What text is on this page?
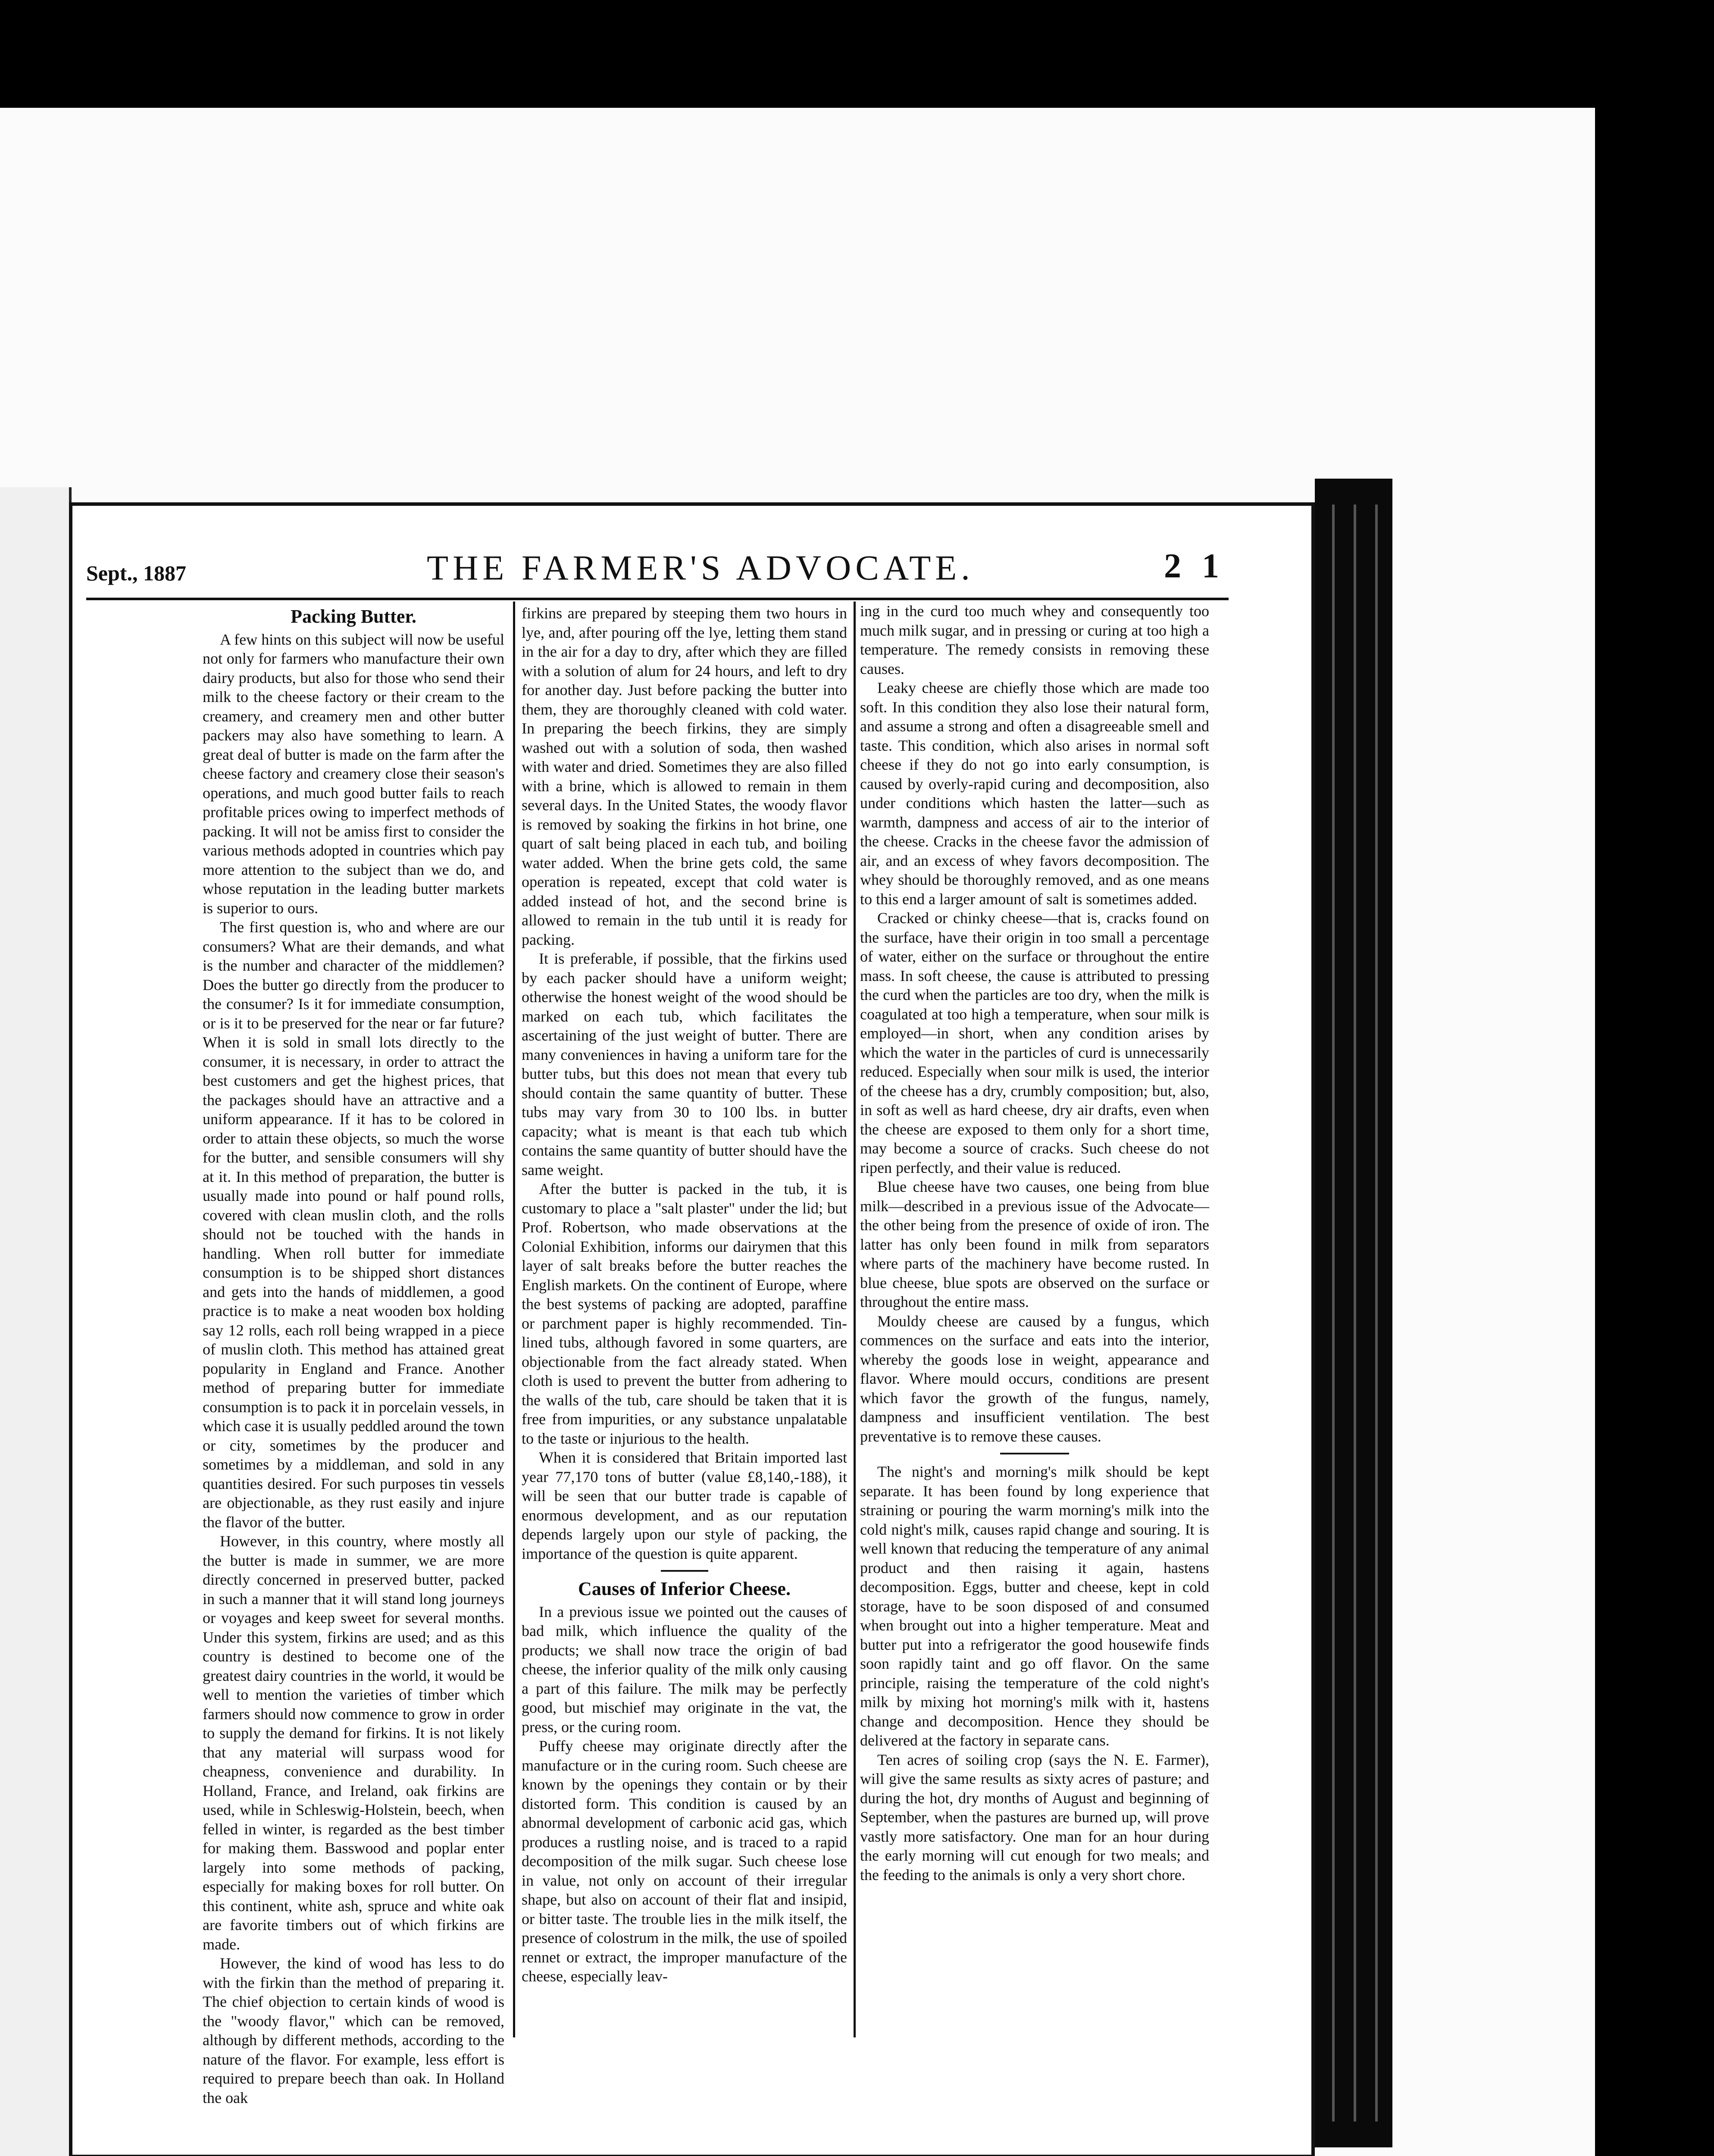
Sept., 1887	THE FARMER'S ADVOCATE.	2 1
Packing Butter.

A few hints on this subject will now be useful not only for farmers who manufacture their own dairy products, but also for those who send their milk to the cheese factory or their cream to the creamery, and creamery men and other butter packers may also have something to learn. A great deal of butter is made on the farm after the cheese factory and creamery close their season's operations, and much good butter fails to reach profitable prices owing to imperfect methods of packing. It will not be amiss first to consider the various methods adopted in countries which pay more attention to the subject than we do, and whose reputation in the leading butter markets is superior to ours.

The first question is, who and where are our consumers? What are their demands, and what is the number and character of the middlemen? Does the butter go directly from the producer to the consumer? Is it for immediate consumption, or is it to be preserved for the near or far future? When it is sold in small lots directly to the consumer, it is necessary, in order to attract the best customers and get the highest prices, that the packages should have an attractive and a uniform appearance. If it has to be colored in order to attain these objects, so much the worse for the butter, and sensible consumers will shy at it. In this method of preparation, the butter is usually made into pound or half pound rolls, covered with clean muslin cloth, and the rolls should not be touched with the hands in handling. When roll butter for immediate consumption is to be shipped short distances and gets into the hands of middlemen, a good practice is to make a neat wooden box holding say 12 rolls, each roll being wrapped in a piece of muslin cloth. This method has attained great popularity in England and France. Another method of preparing butter for immediate consumption is to pack it in porcelain vessels, in which case it is usually peddled around the town or city, sometimes by the producer and sometimes by a middleman, and sold in any quantities desired. For such purposes tin vessels are objectionable, as they rust easily and injure the flavor of the butter.

However, in this country, where mostly all the butter is made in summer, we are more directly concerned in preserved butter, packed in such a manner that it will stand long journeys or voyages and keep sweet for several months. Under this system, firkins are used; and as this country is destined to become one of the greatest dairy countries in the world, it would be well to mention the varieties of timber which farmers should now commence to grow in order to supply the demand for firkins. It is not likely that any material will surpass wood for cheapness, convenience and durability. In Holland, France, and Ireland, oak firkins are used, while in Schleswig-Holstein, beech, when felled in winter, is regarded as the best timber for making them. Basswood and poplar enter largely into some methods of packing, especially for making boxes for roll butter. On this continent, white ash, spruce and white oak are favorite timbers out of which firkins are made.

However, the kind of wood has less to do with the firkin than the method of preparing it. The chief objection to certain kinds of wood is the "woody flavor," which can be removed, although by different methods, according to the nature of the flavor. For example, less effort is required to prepare beech than oak. In Holland the oak

firkins are prepared by steeping them two hours in lye, and, after pouring off the lye, letting them stand in the air for a day to dry, after which they are filled with a solution of alum for 24 hours, and left to dry for another day. Just before packing the butter into them, they are thoroughly cleaned with cold water. In preparing the beech firkins, they are simply washed out with a solution of soda, then washed with water and dried. Sometimes they are also filled with a brine, which is allowed to remain in them several days. In the United States, the woody flavor is removed by soaking the firkins in hot brine, one quart of salt being placed in each tub, and boiling water added. When the brine gets cold, the same operation is repeated, except that cold water is added instead of hot, and the second brine is allowed to remain in the tub until it is ready for packing.

It is preferable, if possible, that the firkins used by each packer should have a uniform weight; otherwise the honest weight of the wood should be marked on each tub, which facilitates the ascertaining of the just weight of butter. There are many conveniences in having a uniform tare for the butter tubs, but this does not mean that every tub should contain the same quantity of butter. These tubs may vary from 30 to 100 lbs. in butter capacity; what is meant is that each tub which contains the same quantity of butter should have the same weight.

After the butter is packed in the tub, it is customary to place a "salt plaster" under the lid; but Prof. Robertson, who made observations at the Colonial Exhibition, informs our dairymen that this layer of salt breaks before the butter reaches the English markets. On the continent of Europe, where the best systems of packing are adopted, paraffine or parchment paper is highly recommended. Tin-lined tubs, although favored in some quarters, are objectionable from the fact already stated. When cloth is used to prevent the butter from adhering to the walls of the tub, care should be taken that it is free from impurities, or any substance unpalatable to the taste or injurious to the health.

When it is considered that Britain imported last year 77,170 tons of butter (value £8,140,-188), it will be seen that our butter trade is capable of enormous development, and as our reputation depends largely upon our style of packing, the importance of the question is quite apparent.

Causes of Inferior Cheese.

In a previous issue we pointed out the causes of bad milk, which influence the quality of the products; we shall now trace the origin of bad cheese, the inferior quality of the milk only causing a part of this failure. The milk may be perfectly good, but mischief may originate in the vat, the press, or the curing room.

Puffy cheese may originate directly after the manufacture or in the curing room. Such cheese are known by the openings they contain or by their distorted form. This condition is caused by an abnormal development of carbonic acid gas, which produces a rustling noise, and is traced to a rapid decomposition of the milk sugar. Such cheese lose in value, not only on account of their irregular shape, but also on account of their flat and insipid, or bitter taste. The trouble lies in the milk itself, the presence of colostrum in the milk, the use of spoiled rennet or extract, the improper manufacture of the cheese, especially leav-

ing in the curd too much whey and consequently too much milk sugar, and in pressing or curing at too high a temperature. The remedy consists in removing these causes.

Leaky cheese are chiefly those which are made too soft. In this condition they also lose their natural form, and assume a strong and often a disagreeable smell and taste. This condition, which also arises in normal soft cheese if they do not go into early consumption, is caused by overly-rapid curing and decomposition, also under conditions which hasten the latter—such as warmth, dampness and access of air to the interior of the cheese. Cracks in the cheese favor the admission of air, and an excess of whey favors decomposition. The whey should be thoroughly removed, and as one means to this end a larger amount of salt is sometimes added.

Cracked or chinky cheese—that is, cracks found on the surface, have their origin in too small a percentage of water, either on the surface or throughout the entire mass. In soft cheese, the cause is attributed to pressing the curd when the particles are too dry, when the milk is coagulated at too high a temperature, when sour milk is employed—in short, when any condition arises by which the water in the particles of curd is unnecessarily reduced. Especially when sour milk is used, the interior of the cheese has a dry, crumbly composition; but, also, in soft as well as hard cheese, dry air drafts, even when the cheese are exposed to them only for a short time, may become a source of cracks. Such cheese do not ripen perfectly, and their value is reduced.

Blue cheese have two causes, one being from blue milk—described in a previous issue of the Advocate—the other being from the presence of oxide of iron. The latter has only been found in milk from separators where parts of the machinery have become rusted. In blue cheese, blue spots are observed on the surface or throughout the entire mass.

Mouldy cheese are caused by a fungus, which commences on the surface and eats into the interior, whereby the goods lose in weight, appearance and flavor. Where mould occurs, conditions are present which favor the growth of the fungus, namely, dampness and insufficient ventilation. The best preventative is to remove these causes.

The night's and morning's milk should be kept separate. It has been found by long experience that straining or pouring the warm morning's milk into the cold night's milk, causes rapid change and souring. It is well known that reducing the temperature of any animal product and then raising it again, hastens decomposition. Eggs, butter and cheese, kept in cold storage, have to be soon disposed of and consumed when brought out into a higher temperature. Meat and butter put into a refrigerator the good housewife finds soon rapidly taint and go off flavor. On the same principle, raising the temperature of the cold night's milk by mixing hot morning's milk with it, hastens change and decomposition. Hence they should be delivered at the factory in separate cans.

Ten acres of soiling crop (says the N. E. Farmer), will give the same results as sixty acres of pasture; and during the hot, dry months of August and beginning of September, when the pastures are burned up, will prove vastly more satisfactory. One man for an hour during the early morning will cut enough for two meals; and the feeding to the animals is only a very short chore.
